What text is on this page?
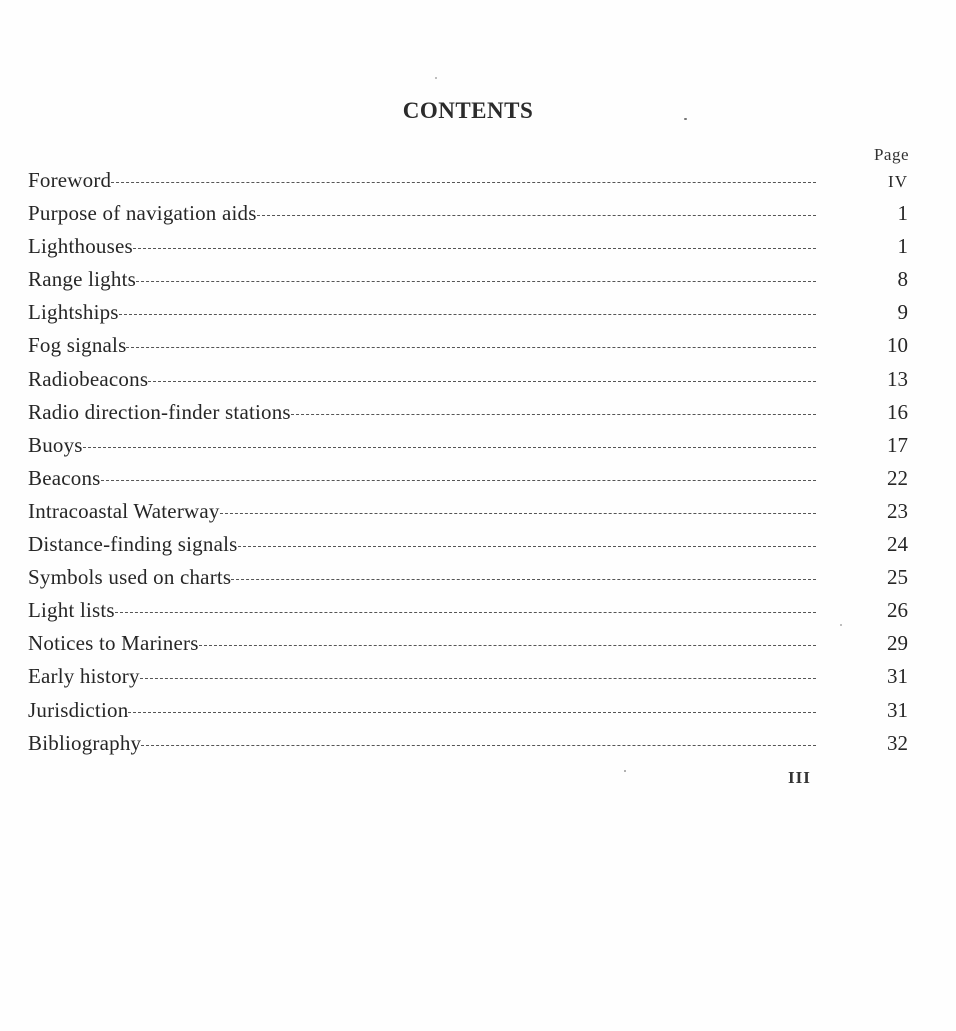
CONTENTS
Page
Foreword	IV
Purpose of navigation aids	1
Lighthouses	1
Range lights	8
Lightships	9
Fog signals	10
Radiobeacons	13
Radio direction-finder stations	16
Buoys	17
Beacons	22
Intracoastal Waterway	23
Distance-finding signals	24
Symbols used on charts	25
Light lists	26
Notices to Mariners	29
Early history	31
Jurisdiction	31
Bibliography	32
III
